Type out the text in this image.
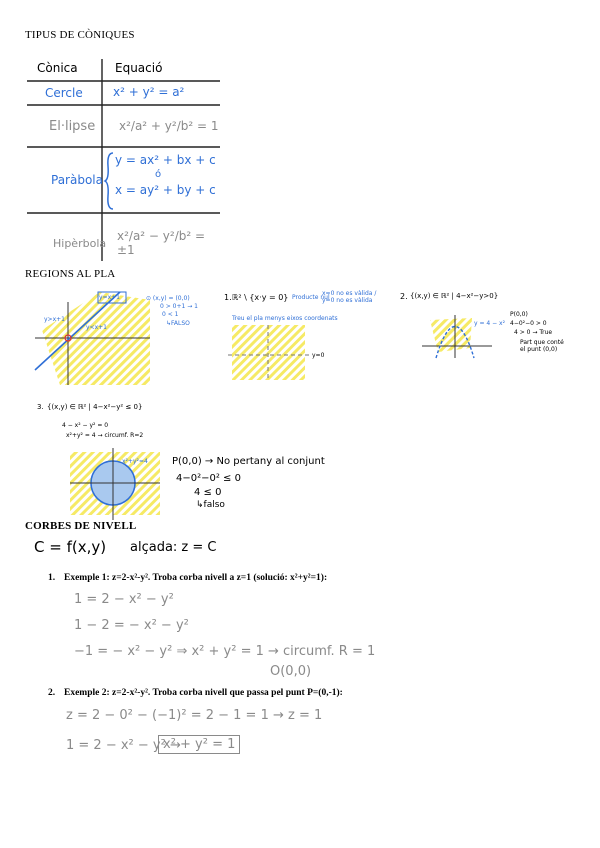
TIPUS DE CÒNIQUES
Cònica	Equació
Cercle	x² + y² = a²
El·lipse x²/a² + y²/b² = 1
Paràbola
y = ax² + bx + c
ó
x = ay² + by + c
Hipèrbola
x²/a² − y²/b² = ±1
REGIONS AL PLA
y=x+1
y>x+1
y<x+1
⊙ (x,y) = (0,0)
0 > 0+1 → 1
0 < 1
↳FALSO
1. ℝ² \ {x·y = 0} Producte nul
x=0 no es vàlida / y=0 no es vàlida
Treu el pla menys eixos coordenats
y=0
2. {(x,y) ∈ ℝ² | 4−x²−y>0}
y = 4 − x²
P(0,0)
4−0²−0 > 0
4 > 0 → True
Part que conté
el punt (0,0)
3. {(x,y) ∈ ℝ² | 4−x²−y² ≤ 0}
4 − x² − y² = 0
x²+y² = 4 → circumf. R=2
x²+y²=4 P(0,0) → No pertany al conjunt
4−0²−0² ≤ 0
4 ≤ 0
↳falso
CORBES DE NIVELL
C = f(x,y) alçada: z = C
1. Exemple 1: z=2-x²-y². Troba corba nivell a z=1 (solució: x²+y²=1):
1 = 2 − x² − y²
1 − 2 = − x² − y²
−1 = − x² − y² ⇒ x² + y² = 1 → circumf. R = 1
O(0,0)
2. Exemple 2: z=2-x²-y². Troba corba nivell que passa pel punt P=(0,-1):
z = 2 − 0² − (−1)² = 2 − 1 = 1 → z = 1
1 = 2 − x² − y² →
x² + y² = 1
